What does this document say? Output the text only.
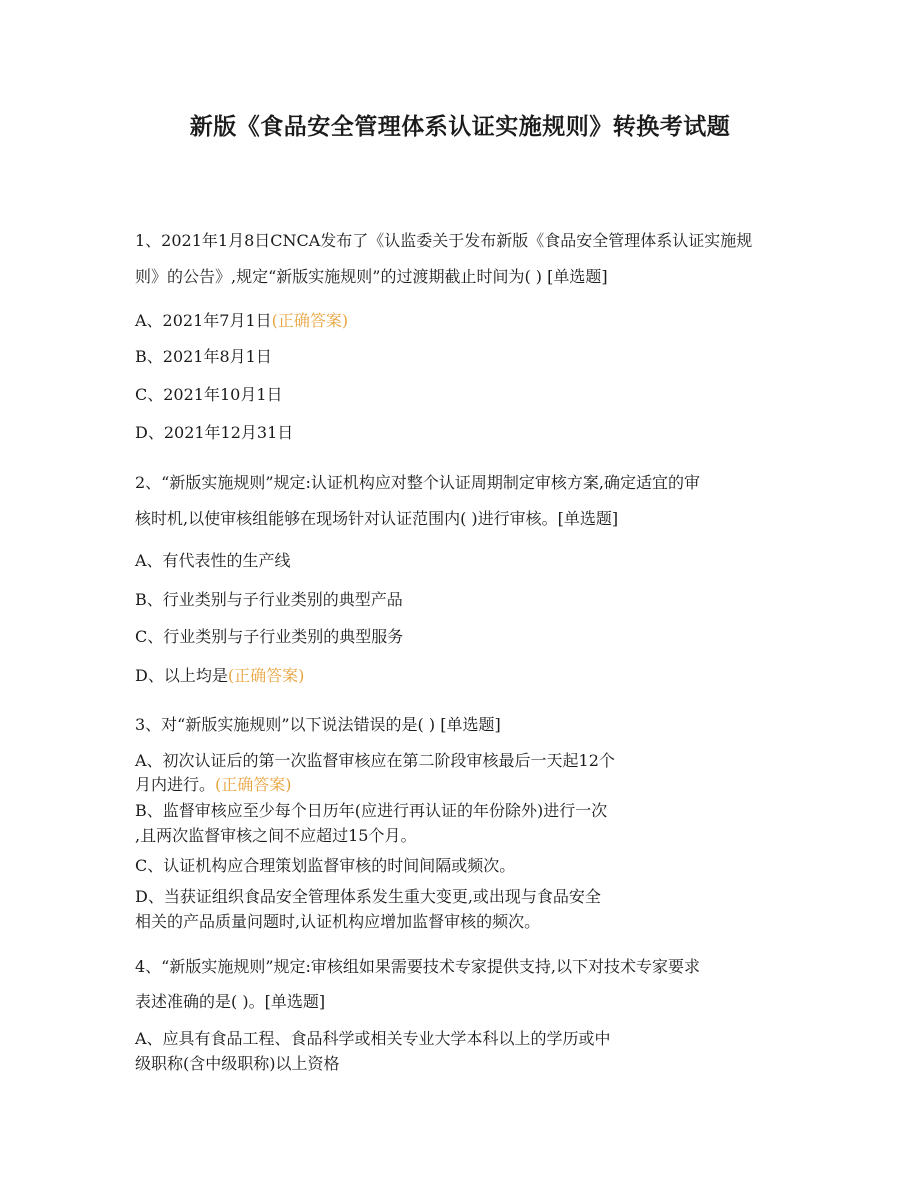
新版《食品安全管理体系认证实施规则》转换考试题
1、2021年1月8日CNCA发布了《认监委关于发布新版《食品安全管理体系认证实施规
则》的公告》,规定“新版实施规则”的过渡期截止时间为( ) [单选题]
A、2021年7月1日(正确答案)
B、2021年8月1日
C、2021年10月1日
D、2021年12月31日
2、“新版实施规则”规定:认证机构应对整个认证周期制定审核方案,确定适宜的审
核时机,以使审核组能够在现场针对认证范围内( )进行审核。[单选题]
A、有代表性的生产线
B、行业类别与子行业类别的典型产品
C、行业类别与子行业类别的典型服务
D、以上均是(正确答案)
3、对“新版实施规则”以下说法错误的是( ) [单选题]
A、初次认证后的第一次监督审核应在第二阶段审核最后一天起12个
月内进行。(正确答案)
B、监督审核应至少每个日历年(应进行再认证的年份除外)进行一次
,且两次监督审核之间不应超过15个月。
C、认证机构应合理策划监督审核的时间间隔或频次。
D、当获证组织食品安全管理体系发生重大变更,或出现与食品安全
相关的产品质量问题时,认证机构应增加监督审核的频次。
4、“新版实施规则”规定:审核组如果需要技术专家提供支持,以下对技术专家要求
表述准确的是( )。[单选题]
A、应具有食品工程、食品科学或相关专业大学本科以上的学历或中
级职称(含中级职称)以上资格
